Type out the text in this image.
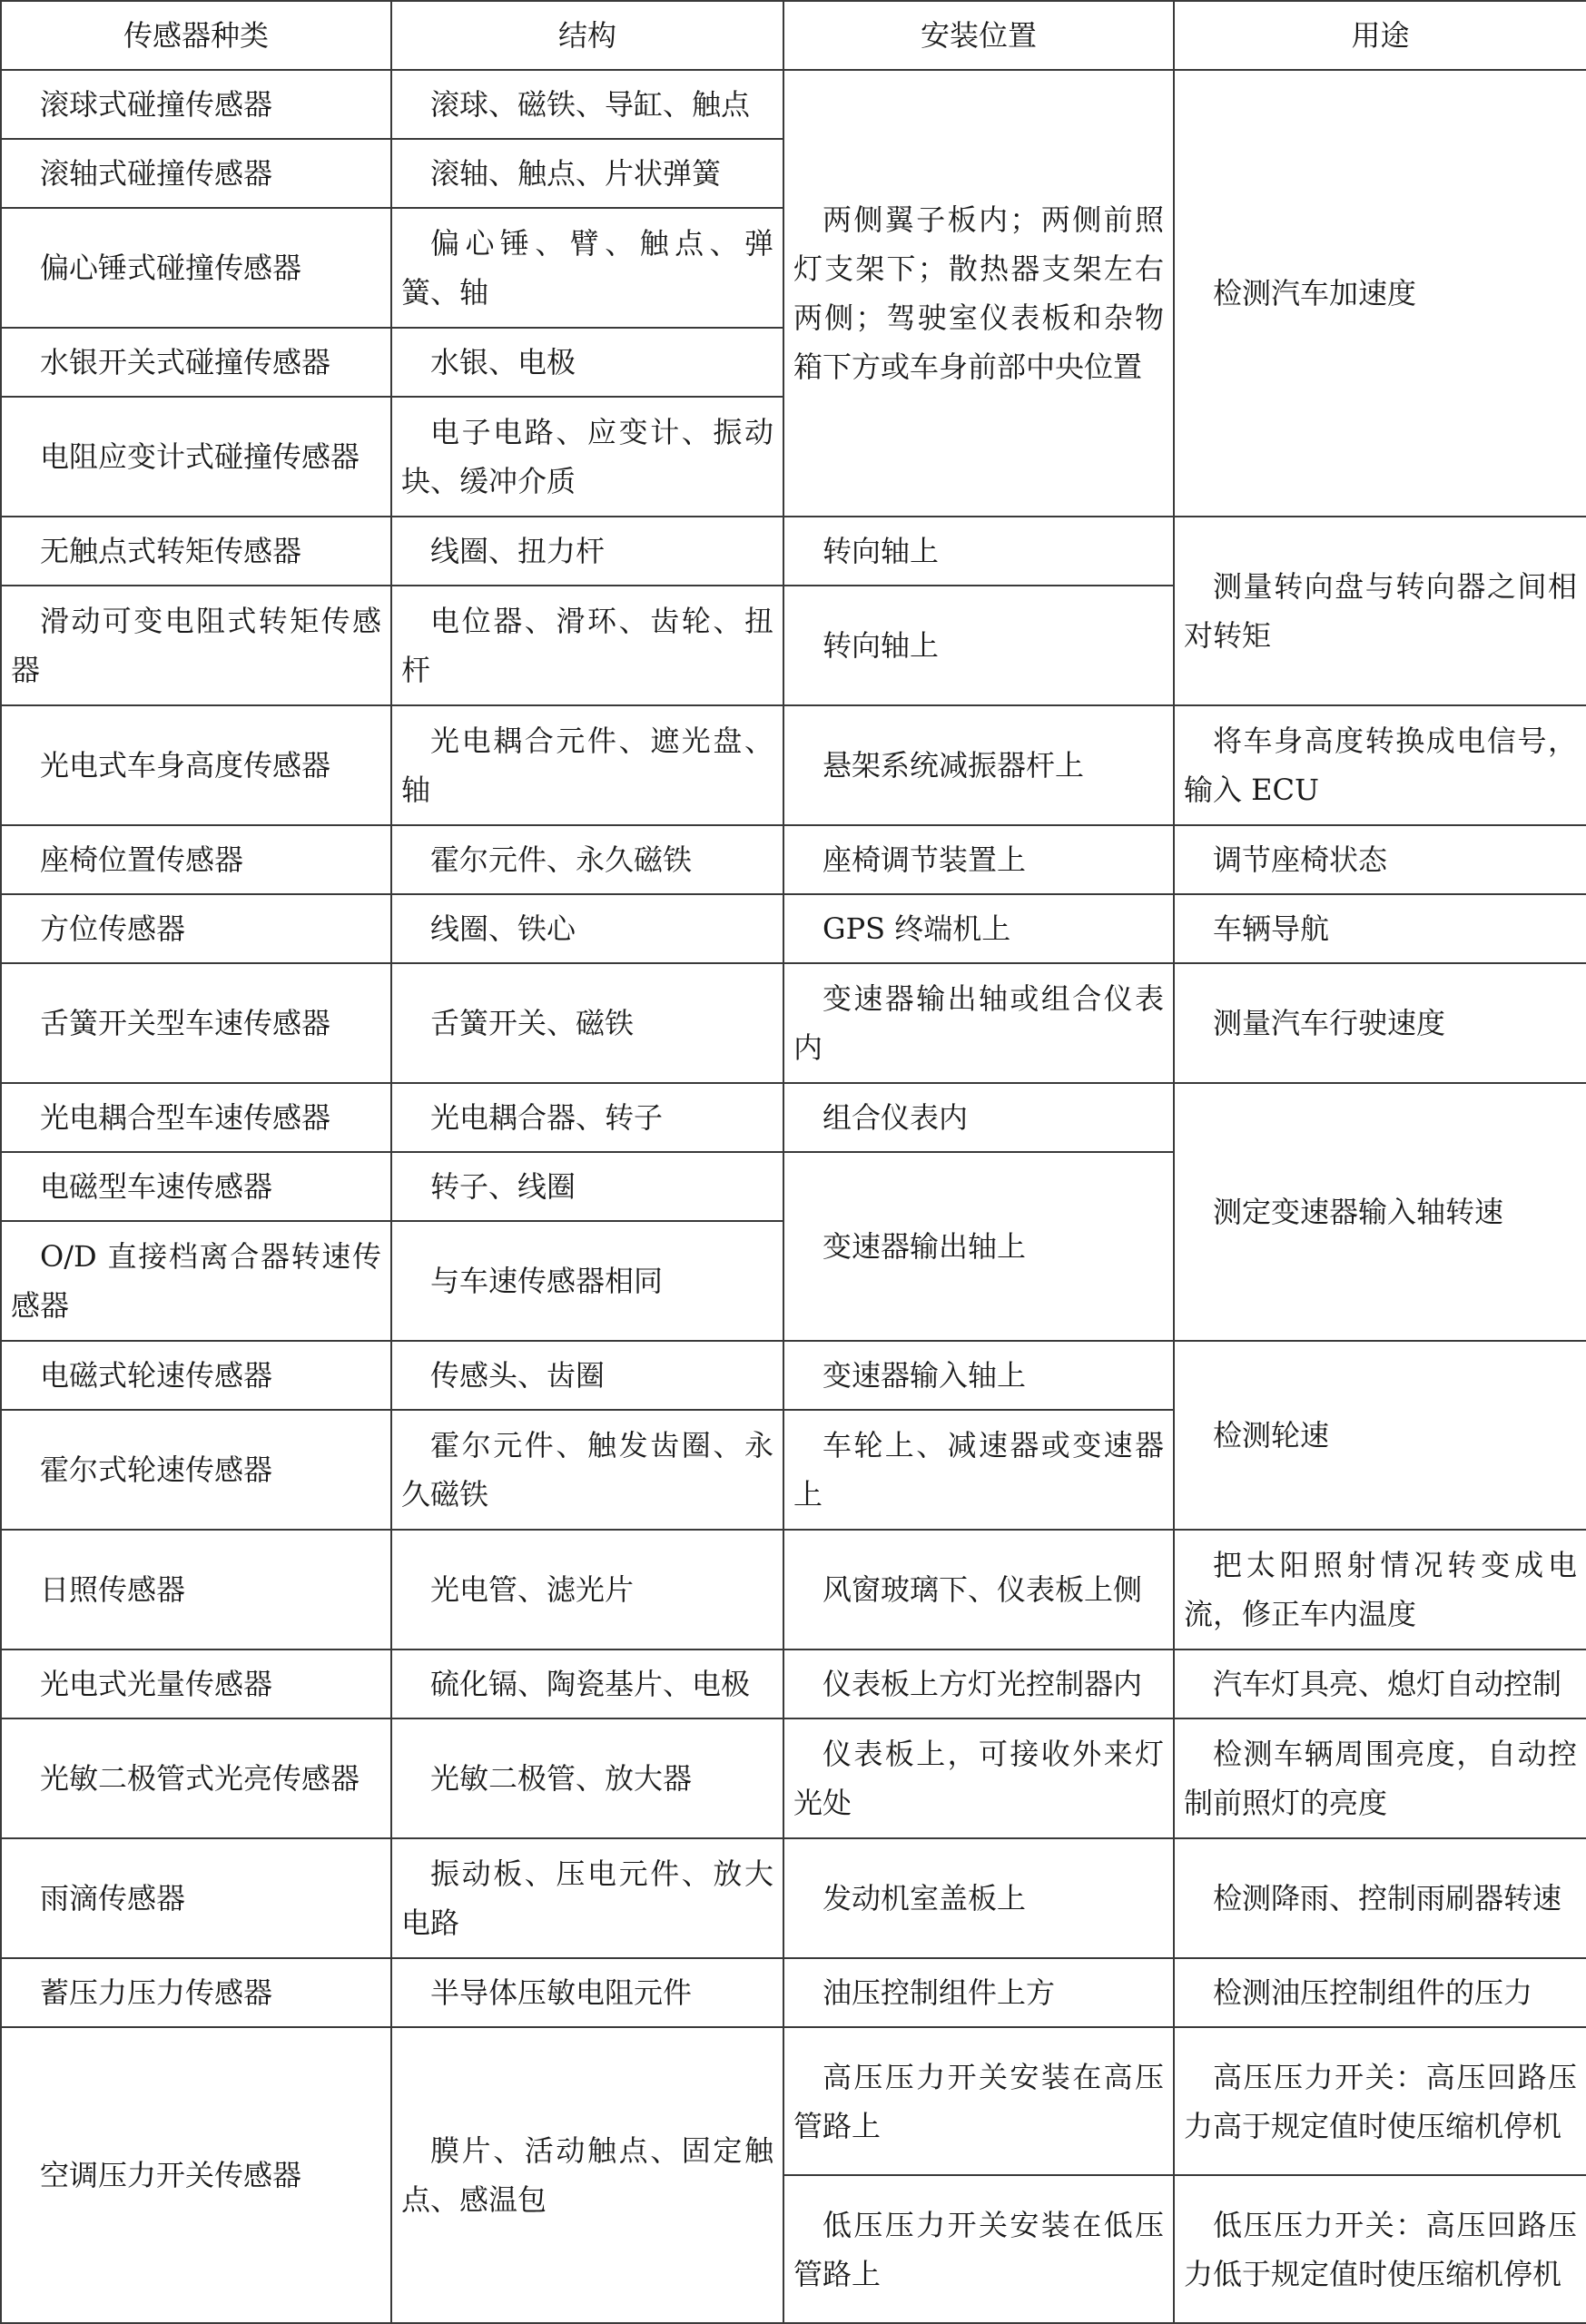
传感器种类	结构	安装位置	用途
滚球式碰撞传感器	滚球、磁铁、导缸、触点	两侧翼子板内；两侧前照灯支架下；散热器支架左右两侧；驾驶室仪表板和杂物箱下方或车身前部中央位置	检测汽车加速度
滚轴式碰撞传感器	滚轴、触点、片状弹簧		
偏心锤式碰撞传感器	偏心锤、臂、触点、弹簧、轴		
水银开关式碰撞传感器	水银、电极		
电阻应变计式碰撞传感器	电子电路、应变计、振动块、缓冲介质		
无触点式转矩传感器	线圈、扭力杆	转向轴上	测量转向盘与转向器之间相对转矩
滑动可变电阻式转矩传感器	电位器、滑环、齿轮、扭杆	转向轴上	
光电式车身高度传感器	光电耦合元件、遮光盘、轴	悬架系统减振器杆上	将车身高度转换成电信号，输入 ECU
座椅位置传感器	霍尔元件、永久磁铁	座椅调节装置上	调节座椅状态
方位传感器	线圈、铁心	GPS 终端机上	车辆导航
舌簧开关型车速传感器	舌簧开关、磁铁	变速器输出轴或组合仪表内	测量汽车行驶速度
光电耦合型车速传感器	光电耦合器、转子	组合仪表内	测定变速器输入轴转速
电磁型车速传感器	转子、线圈	变速器输出轴上	
O/D 直接档离合器转速传感器	与车速传感器相同		
电磁式轮速传感器	传感头、齿圈	变速器输入轴上	检测轮速
霍尔式轮速传感器	霍尔元件、触发齿圈、永久磁铁	车轮上、减速器或变速器上	
日照传感器	光电管、滤光片	风窗玻璃下、仪表板上侧	把太阳照射情况转变成电流，修正车内温度
光电式光量传感器	硫化镉、陶瓷基片、电极	仪表板上方灯光控制器内	汽车灯具亮、熄灯自动控制
光敏二极管式光亮传感器	光敏二极管、放大器	仪表板上，可接收外来灯光处	检测车辆周围亮度，自动控制前照灯的亮度
雨滴传感器	振动板、压电元件、放大电路	发动机室盖板上	检测降雨、控制雨刷器转速
蓄压力压力传感器	半导体压敏电阻元件	油压控制组件上方	检测油压控制组件的压力
空调压力开关传感器	膜片、活动触点、固定触点、感温包	高压压力开关安装在高压管路上	高压压力开关：高压回路压力高于规定值时使压缩机停机
		低压压力开关安装在低压管路上	低压压力开关：高压回路压力低于规定值时使压缩机停机
